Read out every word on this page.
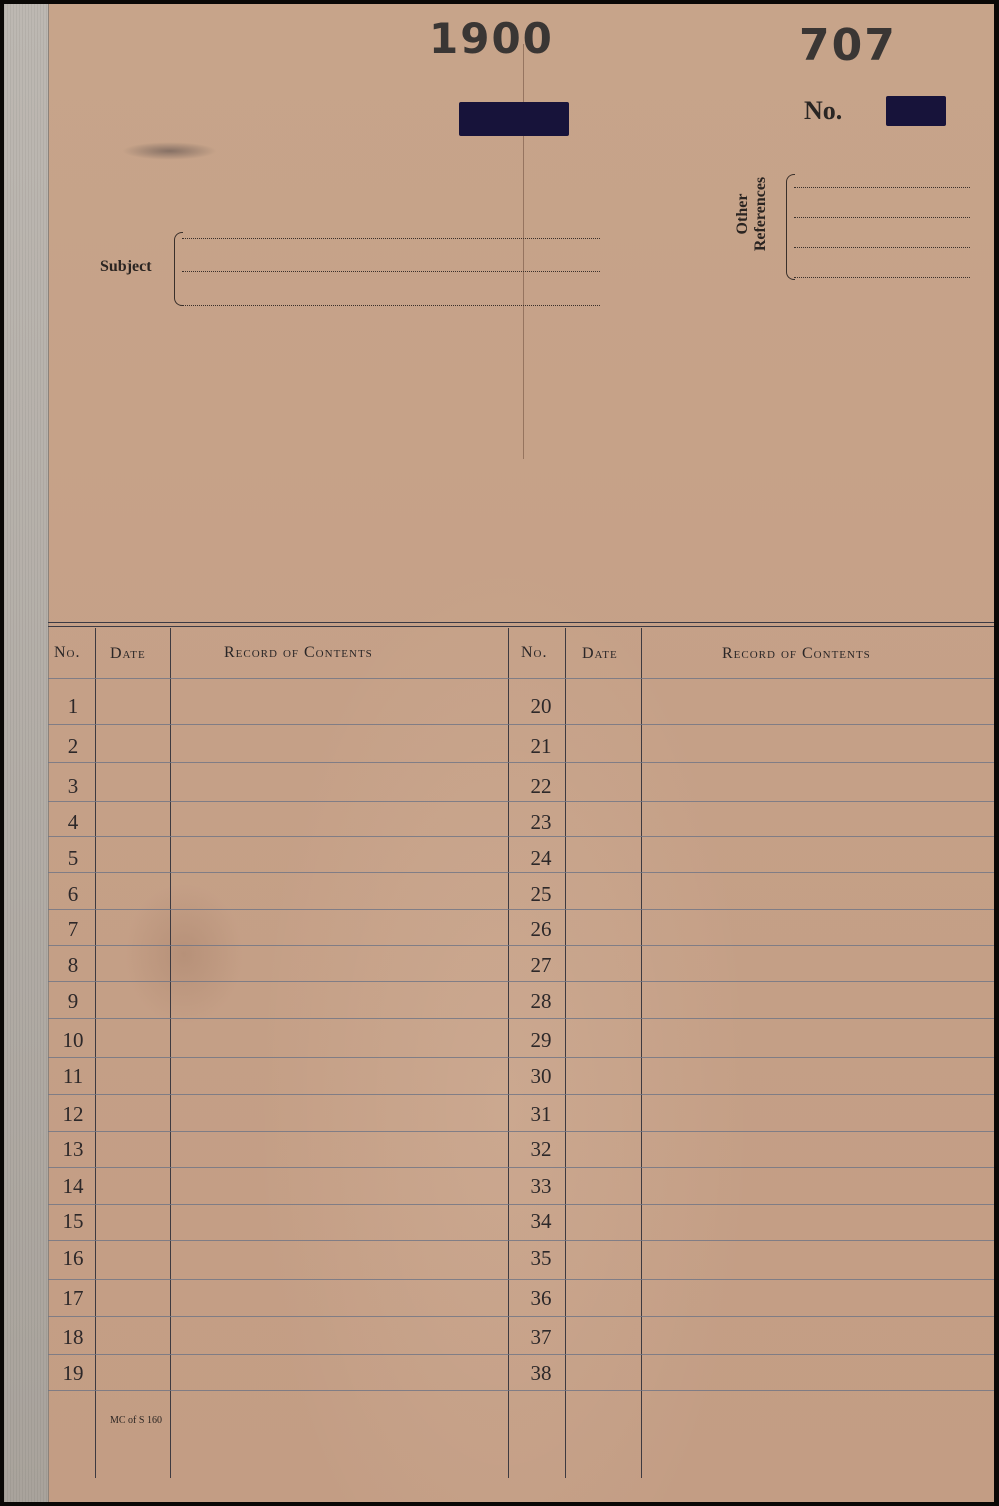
1900	707
No.
Subject
Other References
No. Date	Record of Contents	No. Date	Record of Contents
MC of S 160
1	20
2	21
3	22
4	23
5	24
6	25
7	26
8	27
9	28
10	29
11	30
12	31
13	32
14	33
15	34
16	35
17	36
18	37
19	38
